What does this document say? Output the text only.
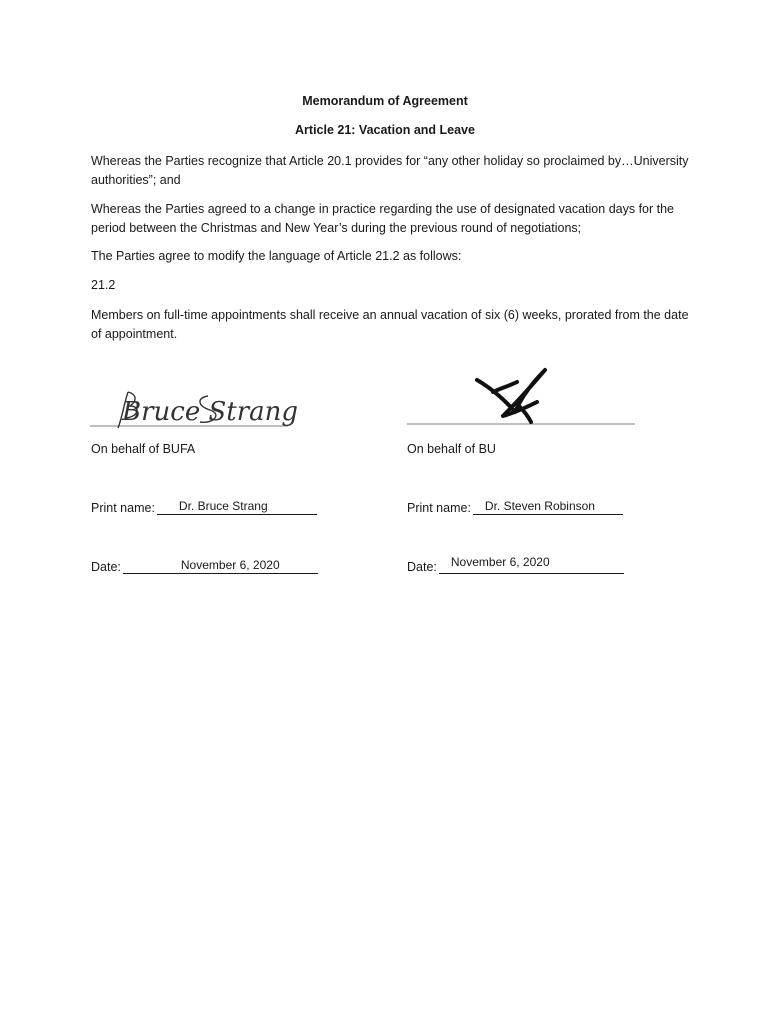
Memorandum of Agreement
Article 21: Vacation and Leave
Whereas the Parties recognize that Article 20.1 provides for “any other holiday so proclaimed by…University authorities”; and
Whereas the Parties agreed to a change in practice regarding the use of designated vacation days for the period between the Christmas and New Year’s during the previous round of negotiations;
The Parties agree to modify the language of Article 21.2 as follows:
21.2
Members on full-time appointments shall receive an annual vacation of six (6) weeks, prorated from the date of appointment.
Bruce Strang
On behalf of BUFA	On behalf of BU
Print name: Dr. Bruce Strang	Print name: Dr. Steven Robinson
Date:	November 6, 2020	Date: November 6, 2020
